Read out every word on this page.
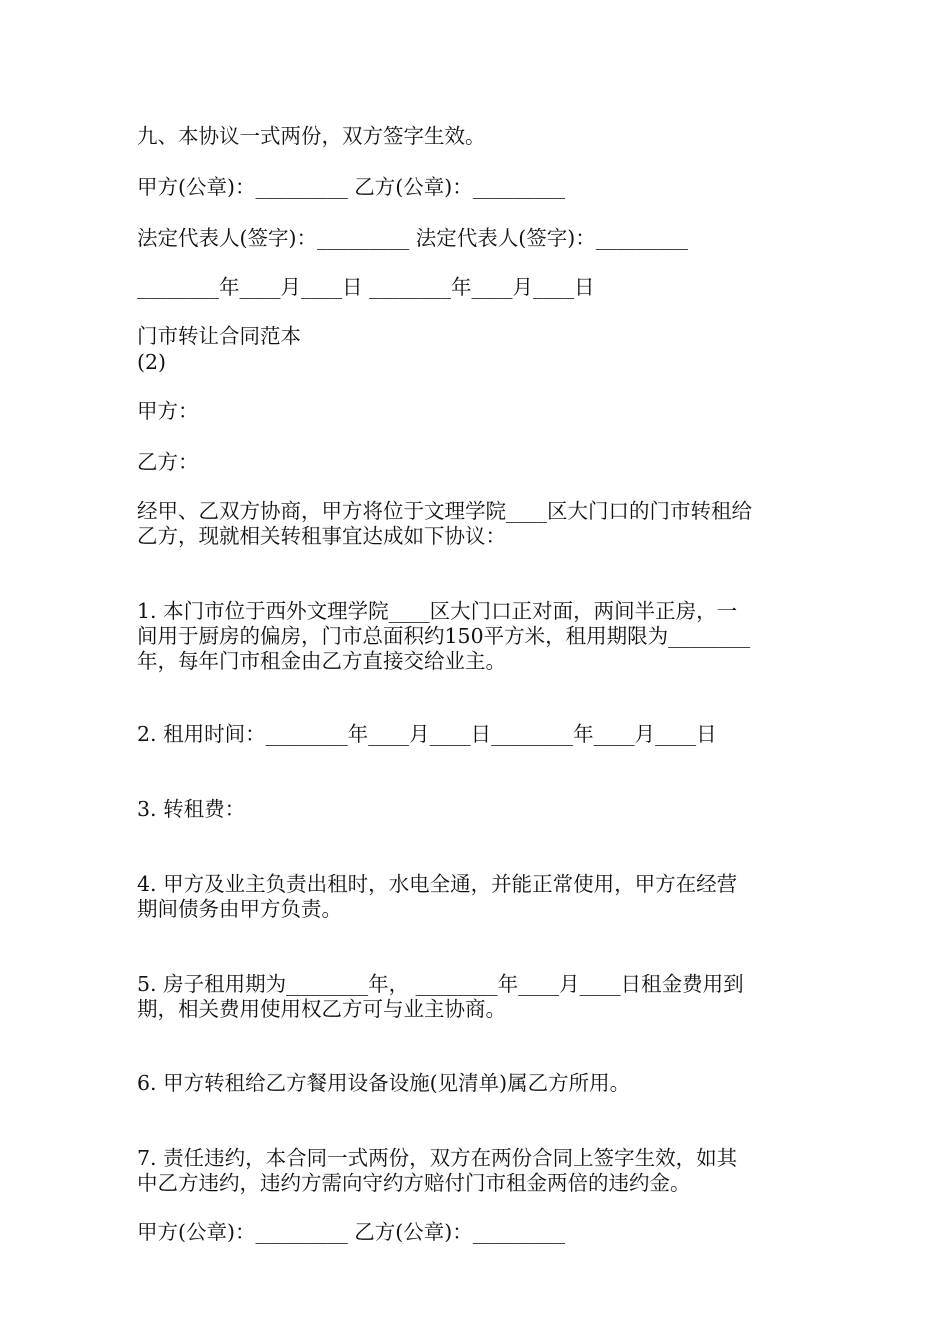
九、本协议一式两份，双方签字生效。

甲方(公章)：_________ 乙方(公章)：_________

法定代表人(签字)：_________ 法定代表人(签字)：_________

________年____月____日 ________年____月____日

门市转让合同范本

(2)

甲方：

乙方：

经甲、乙双方协商，甲方将位于文理学院____区大门口的门市转租给

乙方，现就相关转租事宜达成如下协议：

1. 本门市位于西外文理学院____区大门口正对面，两间半正房，一

间用于厨房的偏房，门市总面积约150平方米，租用期限为________

年，每年门市租金由乙方直接交给业主。

2. 租用时间：________年____月____日________年____月____日

3. 转租费：

4. 甲方及业主负责出租时，水电全通，并能正常使用，甲方在经营

期间债务由甲方负责。

5. 房子租用期为________年， ________年____月____日租金费用到

期，相关费用使用权乙方可与业主协商。

6. 甲方转租给乙方餐用设备设施(见清单)属乙方所用。

7. 责任违约，本合同一式两份，双方在两份合同上签字生效，如其

中乙方违约，违约方需向守约方赔付门市租金两倍的违约金。

甲方(公章)：_________ 乙方(公章)：_________
